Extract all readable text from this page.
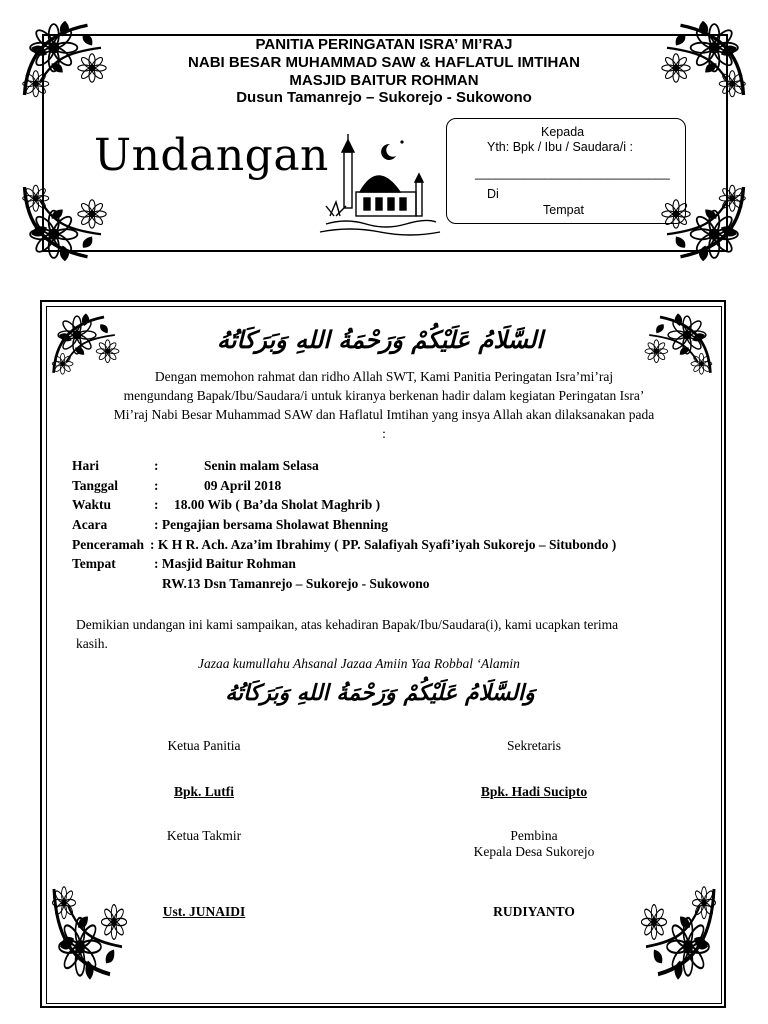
PANITIA PERINGATAN ISRA’ MI’RAJ
NABI BESAR MUHAMMAD SAW & HAFLATUL IMTIHAN
MASJID BAITUR ROHMAN
Dusun Tamanrejo – Sukorejo - Sukowono
Undangan	Kepada
Yth: Bpk / Ibu / Saudara/i :
____________________________
Di
Tempat
السَّلَامُ عَلَيْكُمْ وَرَحْمَةُ اللهِ وَبَرَكَاتُهُ
Dengan memohon rahmat dan ridho Allah SWT, Kami Panitia Peringatan Isra’mi’raj
mengundang Bapak/Ibu/Saudara/i untuk kiranya berkenan hadir dalam kegiatan Peringatan Isra’
Mi’raj Nabi Besar Muhammad SAW dan Haflatul Imtihan yang insya Allah akan dilaksanakan pada
:
Hari	:	Senin malam Selasa
Tanggal	:	09 April 2018
Waktu	: 18.00 Wib ( Ba’da Sholat Maghrib )
Acara	: Pengajian bersama Sholawat Bhenning
Penceramah : K H R. Ach. Aza’im Ibrahimy ( PP. Salafiyah Syafi’iyah Sukorejo – Situbondo )
Tempat	: Masjid Baitur Rohman
RW.13 Dsn Tamanrejo – Sukorejo - Sukowono
Demikian undangan ini kami sampaikan, atas kehadiran Bapak/Ibu/Saudara(i), kami ucapkan terima
kasih.
Jazaa kumullahu Ahsanal Jazaa Amiin Yaa Robbal ‘Alamin
وَالسَّلَامُ عَلَيْكُمْ وَرَحْمَةُ اللهِ وَبَرَكَاتُهُ
Ketua Panitia	Sekretaris
Bpk. Lutfi	Bpk. Hadi Sucipto
Ketua Takmir	Pembina
Kepala Desa Sukorejo
Ust. JUNAIDI	RUDIYANTO
